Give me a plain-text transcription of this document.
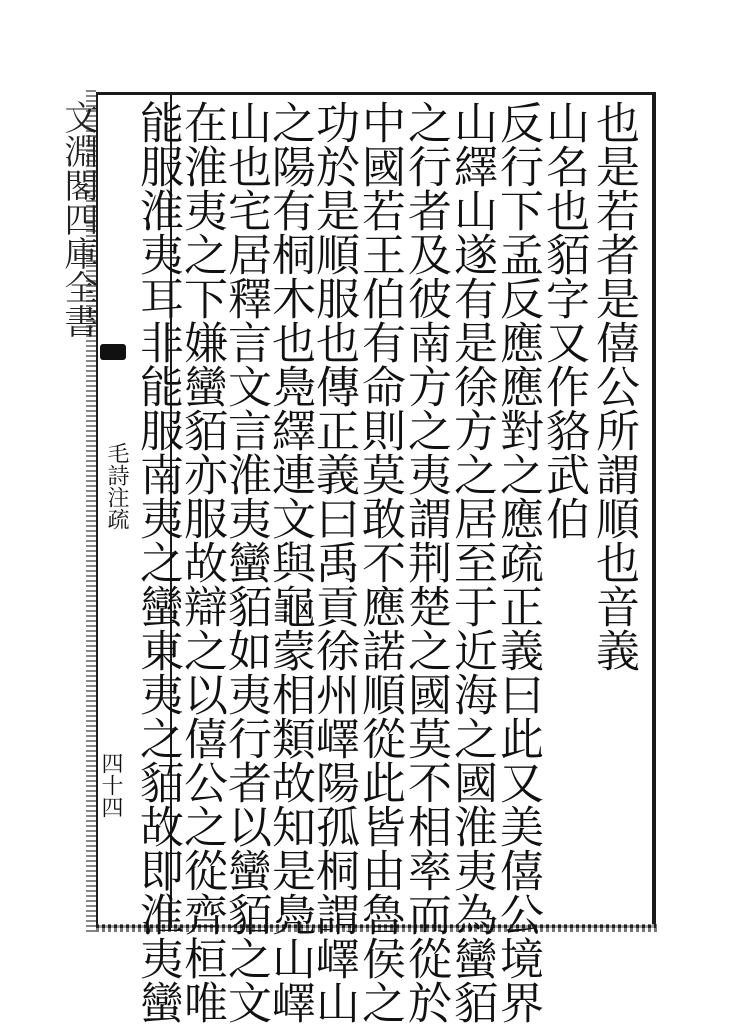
文淵閣四庫全書
毛詩注疏
四十四
也是若者是僖公所謂順也音義
山名也貊字又作貉武伯
反行下孟反應應對之應疏正義曰此又美僖公境界
山繹山遂有是徐方之居至于近海之國淮夷為蠻貊
之行者及彼南方之夷謂荆楚之國莫不相率而從於
中國若王伯有命則莫敢不應諾順從此皆由魯侯之
功於是順服也傳正義曰禹貢徐州嶧陽孤桐謂嶧山
之陽有桐木也鳧繹連文與龜蒙相類故知是鳧山嶧
山也宅居釋言文言淮夷蠻貊如夷行者以蠻貊之文
在淮夷之下嫌蠻貊亦服故辯之以僖公之從齊桓唯
能服淮夷耳非能服南夷之蠻東夷之貊故即淮夷蠻
